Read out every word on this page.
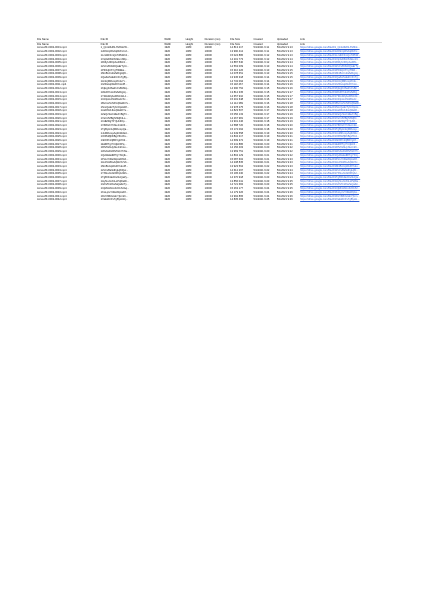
File Name	File ID	Width	Height	Duration (ms)	File Size	Created	Uploaded	Link
File Name	File ID	Width	Height	Duration (ms)	File Size	Created	Uploaded	Link
Arcus-8F-0002-0001.mp4	1_Qmk3H81-6V8nkrW...	1920	1080	10000	14 813 217	5/1/2021 9:11	5/1/2021 9:13	https://drive.google.com/file/d/1_Qmk3H81-6V8nk...
Arcus-8F-0002-0002.mp4	1xD9ntpWvKqRzFc1tJ...	1920	1080	10000	13 990 412	5/1/2021 9:11	5/1/2021 9:13	https://drive.google.com/file/d/1xD9ntpWvKqRzFc...
Arcus-8F-0002-0003.mp4	1LzHbF0mQs7tPkWx2...	1920	1080	10000	15 024 886	5/1/2021 9:12	5/1/2021 9:13	https://drive.google.com/file/d/1LzHbF0mQs7tPkW...
Arcus-8F-0002-0004.mp4	1Vq3sDfGh8JkLmN0p...	1920	1080	10000	14 201 773	5/1/2021 9:12	5/1/2021 9:14	https://drive.google.com/file/d/1Vq3sDfGh8JkLmN...
Arcus-8F-0002-0005.mp4	1Rt6yUi9OpAsDfGhJ...	1920	1080	10000	13 887 540	5/1/2021 9:12	5/1/2021 9:14	https://drive.google.com/file/d/1Rt6yUi9OpAsDfG...
Arcus-8F-0002-0006.mp4	1ZxCvBnM2QwErTyUi...	1920	1080	10000	14 563 009	5/1/2021 9:13	5/1/2021 9:14	https://drive.google.com/file/d/1ZxCvBnM2QwErTy...
Arcus-8F-0002-0007.mp4	1PlOkIjUhYgTfRdEs...	1920	1080	10000	15 310 226	5/1/2021 9:13	5/1/2021 9:15	https://drive.google.com/file/d/1PlOkIjUhYgTfRd...
Arcus-8F-0002-0008.mp4	1MnBvCxZaSdFgHjKl...	1920	1080	10000	14 078 651	5/1/2021 9:13	5/1/2021 9:15	https://drive.google.com/file/d/1MnBvCxZaSdFgHj...
Arcus-8F-0002-0009.mp4	1QaZwSxEdCrFvTgBy...	1920	1080	10000	13 945 318	5/1/2021 9:14	5/1/2021 9:15	https://drive.google.com/file/d/1QaZwSxEdCrFvTg...
Arcus-8F-0002-0010.mp4	1HnUjMiKoLpPoIuYt...	1920	1080	10000	14 732 094	5/1/2021 9:14	5/1/2021 9:16	https://drive.google.com/file/d/1HnUjMiKoLpPoIu...
Arcus-8F-0002-0011.mp4	1GfDsAqWeRtYuIoPl...	1920	1080	10000	15 118 467	5/1/2021 9:14	5/1/2021 9:16	https://drive.google.com/file/d/1GfDsAqWeRtYuIo...
Arcus-8F-0002-0012.mp4	1KjHgFdSaZxCvBnMq...	1920	1080	10000	14 390 752	5/1/2021 9:15	5/1/2021 9:16	https://drive.google.com/file/d/1KjHgFdSaZxCvBn...
Arcus-8F-0002-0013.mp4	1WeRtYuIoPaSdFgHj...	1920	1080	10000	13 812 335	5/1/2021 9:15	5/1/2021 9:17	https://drive.google.com/file/d/1WeRtYuIoPaSdFg...
Arcus-8F-0002-0014.mp4	1YtReWqAsDfGhJkLz...	1920	1080	10000	14 657 910	5/1/2021 9:15	5/1/2021 9:17	https://drive.google.com/file/d/1YtReWqAsDfGhJk...
Arcus-8F-0002-0015.mp4	1UiOpLkJhGfDsAzXc...	1920	1080	10000	15 201 648	5/1/2021 9:16	5/1/2021 9:17	https://drive.google.com/file/d/1UiOpLkJhGfDsAz...
Arcus-8F-0002-0016.mp4	1BvCxZmNbVqWeRtYu...	1920	1080	10000	14 114 389	5/1/2021 9:16	5/1/2021 9:18	https://drive.google.com/file/d/1BvCxZmNbVqWeRt...
Arcus-8F-0002-0017.mp4	1NmQwErTyUiOpAsDf...	1920	1080	10000	13 978 275	5/1/2021 9:16	5/1/2021 9:18	https://drive.google.com/file/d/1NmQwErTyUiOpAs...
Arcus-8F-0002-0018.mp4	1AsDfGhJkLqWeRtYu...	1920	1080	10000	14 823 507	5/1/2021 9:17	5/1/2021 9:18	https://drive.google.com/file/d/1AsDfGhJkLqWeRt...
Arcus-8F-0002-0019.mp4	1ZaQxSwCdEvFrBgTn...	1920	1080	10000	15 056 133	5/1/2021 9:17	5/1/2021 9:19	https://drive.google.com/file/d/1ZaQxSwCdEvFrBg...
Arcus-8F-0002-0020.mp4	1XsCdVfBgNhMjKiLo...	1920	1080	10000	14 267 981	5/1/2021 9:17	5/1/2021 9:19	https://drive.google.com/file/d/1XsCdVfBgNhMjKi...
Arcus-8F-0002-0021.mp4	1CdEfRgThYjUkIlOp...	1920	1080	10000	13 901 446	5/1/2021 9:18	5/1/2021 9:19	https://drive.google.com/file/d/1CdEfRgThYjUkIl...
Arcus-8F-0002-0022.mp4	1VfRtGbYhNuJmIkOl...	1920	1080	10000	14 588 720	5/1/2021 9:18	5/1/2021 9:20	https://drive.google.com/file/d/1VfRtGbYhNuJmIk...
Arcus-8F-0002-0023.mp4	1TgByHnUjMiKoLpQa...	1920	1080	10000	15 172 094	5/1/2021 9:18	5/1/2021 9:20	https://drive.google.com/file/d/1TgByHnUjMiKoLp...
Arcus-8F-0002-0024.mp4	1JuMiKoLpAqZsWxEd...	1920	1080	10000	14 349 558	5/1/2021 9:19	5/1/2021 9:20	https://drive.google.com/file/d/1JuMiKoLpAqZsWx...
Arcus-8F-0002-0025.mp4	1OlPkMjNhBgVfCdXs...	1920	1080	10000	13 834 217	5/1/2021 9:19	5/1/2021 9:21	https://drive.google.com/file/d/1OlPkMjNhBgVfCd...
Arcus-8F-0002-0026.mp4	1IkOlPmNjBhVgCfXd...	1920	1080	10000	14 699 372	5/1/2021 9:19	5/1/2021 9:21	https://drive.google.com/file/d/1IkOlPmNjBhVgCf...
Arcus-8F-0002-0027.mp4	1EdRfTgYhUjIkOlPq...	1920	1080	10000	15 241 886	5/1/2021 9:20	5/1/2021 9:21	https://drive.google.com/file/d/1EdRfTgYhUjIkOl...
Arcus-8F-0002-0028.mp4	1RfVtGbHyNuJmKiLo...	1920	1080	10000	14 156 403	5/1/2021 9:20	5/1/2021 9:22	https://drive.google.com/file/d/1RfVtGbHyNuJmKi...
Arcus-8F-0002-0029.mp4	1WsXeDcRfVtGbYhNu...	1920	1080	10000	13 969 751	5/1/2021 9:20	5/1/2021 9:22	https://drive.google.com/file/d/1WsXeDcRfVtGbYh...
Arcus-8F-0002-0030.mp4	1QaWsEdRfTgYhUjIk...	1920	1080	10000	14 804 129	5/1/2021 9:21	5/1/2021 9:22	https://drive.google.com/file/d/1QaWsEdRfTgYhUj...
Arcus-8F-0002-0031.mp4	1PoIuYtReWqAsDfGh...	1920	1080	10000	15 087 602	5/1/2021 9:21	5/1/2021 9:23	https://drive.google.com/file/d/1PoIuYtReWqAsDf...
Arcus-8F-0002-0032.mp4	1LkJhGfDsAqWzXcVb...	1920	1080	10000	14 238 835	5/1/2021 9:21	5/1/2021 9:23	https://drive.google.com/file/d/1LkJhGfDsAqWzXc...
Arcus-8F-0002-0033.mp4	1MnBvCqWeRtYuIoPl...	1920	1080	10000	13 923 564	5/1/2021 9:22	5/1/2021 9:23	https://drive.google.com/file/d/1MnBvCqWeRtYuIo...
Arcus-8F-0002-0034.mp4	1ZxCvBaSdFgHjKlQw...	1920	1080	10000	14 612 297	5/1/2021 9:22	5/1/2021 9:24	https://drive.google.com/file/d/1ZxCvBaSdFgHjKl...
Arcus-8F-0002-0035.mp4	1YhNuJmIkOlPqAzWs...	1920	1080	10000	15 195 430	5/1/2021 9:22	5/1/2021 9:24	https://drive.google.com/file/d/1YhNuJmIkOlPqAz...
Arcus-8F-0002-0036.mp4	1TgBrFvEdCwSxQaZy...	1920	1080	10000	14 370 918	5/1/2021 9:23	5/1/2021 9:24	https://drive.google.com/file/d/1TgBrFvEdCwSxQa...
Arcus-8F-0002-0037.mp4	1HyNuJmKiLoPqWeRt...	1920	1080	10000	13 856 041	5/1/2021 9:23	5/1/2021 9:25	https://drive.google.com/file/d/1HyNuJmKiLoPqWe...
Arcus-8F-0002-0038.mp4	1GbVfCdXsZaQwErTy...	1920	1080	10000	14 721 684	5/1/2021 9:23	5/1/2021 9:25	https://drive.google.com/file/d/1GbVfCdXsZaQwEr...
Arcus-8F-0002-0039.mp4	1UjMnHbGvFcDxSzAq...	1920	1080	10000	15 263 177	5/1/2021 9:24	5/1/2021 9:25	https://drive.google.com/file/d/1UjMnHbGvFcDxSz...
Arcus-8F-0002-0040.mp4	1KoLpIuYtReWqAsDf...	1920	1080	10000	14 179 326	5/1/2021 9:24	5/1/2021 9:26	https://drive.google.com/file/d/1KoLpIuYtReWqAs...
Arcus-8F-0002-0041.mp4	1DcVfRbGtHnYjUmKi...	1920	1080	10000	13 992 865	5/1/2021 9:24	5/1/2021 9:26	https://drive.google.com/file/d/1DcVfRbGtHnYjUm...
Arcus-8F-0002-0042.mp4	1XsEdCrFvTgByHnUj...	1920	1080	10000	14 835 493	5/1/2021 9:25	5/1/2021 9:26	https://drive.google.com/file/d/1XsEdCrFvTgByHn...
